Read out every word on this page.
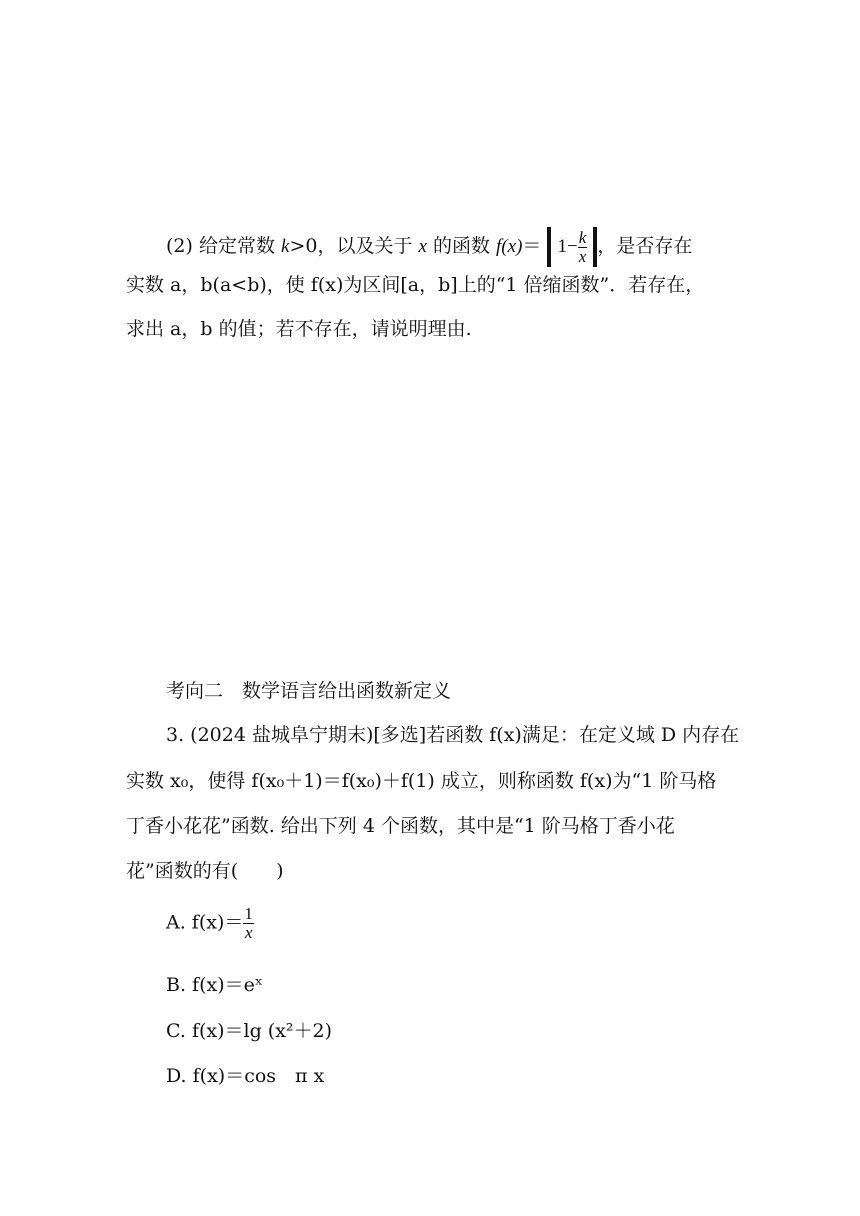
(2) 给定常数 k>0，以及关于 x 的函数 $f(x)= 1- \frac{k}{x}$ ，是否存在
实数 a，b(a<b)，使 f(x)为区间[a，b]上的“1 倍缩函数”．若存在，
求出 a，b 的值；若不存在，请说明理由.
考向二　数学语言给出函数新定义
3. (2024 盐城阜宁期末)[多选]若函数 f(x)满足：在定义域 D 内存在
实数 x₀，使得 f(x₀＋1)＝f(x₀)＋f(1) 成立，则称函数 f(x)为“1 阶马格
丁香小花花”函数. 给出下列 4 个函数，其中是“1 阶马格丁香小花
花”函数的有(　　)
A. $f(x)= \frac{1}{x}$
B. f(x)＝eˣ
C. f(x)＝lg (x²＋2)
D. f(x)＝cos　π x
